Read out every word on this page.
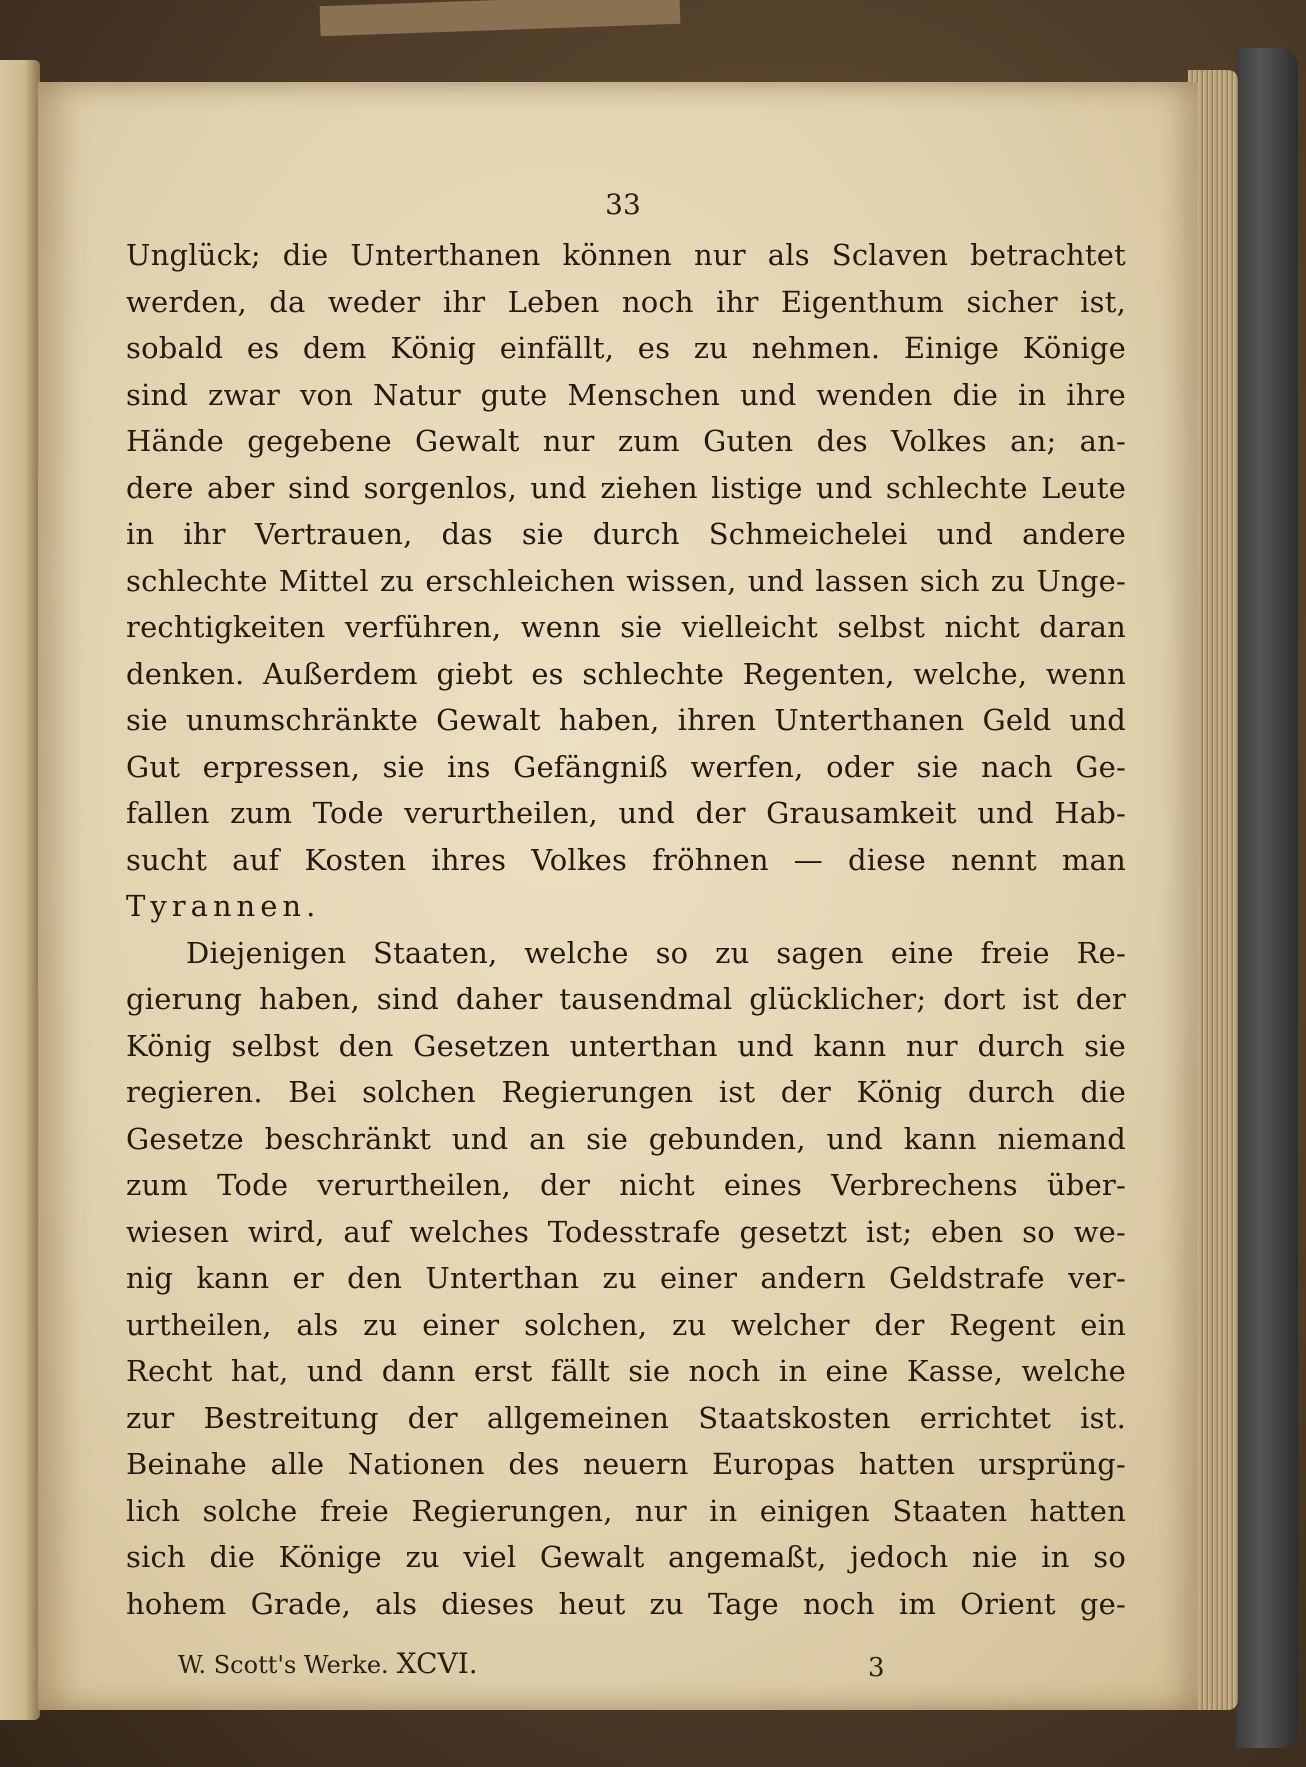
33
Unglück; die Unterthanen können nur als Sclaven betrachtet
werden, da weder ihr Leben noch ihr Eigenthum sicher ist,
sobald es dem König einfällt, es zu nehmen. Einige Könige
sind zwar von Natur gute Menschen und wenden die in ihre
Hände gegebene Gewalt nur zum Guten des Volkes an; an-
dere aber sind sorgenlos, und ziehen listige und schlechte Leute
in ihr Vertrauen, das sie durch Schmeichelei und andere
schlechte Mittel zu erschleichen wissen, und lassen sich zu Unge-
rechtigkeiten verführen, wenn sie vielleicht selbst nicht daran
denken. Außerdem giebt es schlechte Regenten, welche, wenn
sie unumschränkte Gewalt haben, ihren Unterthanen Geld und
Gut erpressen, sie ins Gefängniß werfen, oder sie nach Ge-
fallen zum Tode verurtheilen, und der Grausamkeit und Hab-
sucht auf Kosten ihres Volkes fröhnen — diese nennt man
Tyrannen.
Diejenigen Staaten, welche so zu sagen eine freie Re-
gierung haben, sind daher tausendmal glücklicher; dort ist der
König selbst den Gesetzen unterthan und kann nur durch sie
regieren. Bei solchen Regierungen ist der König durch die
Gesetze beschränkt und an sie gebunden, und kann niemand
zum Tode verurtheilen, der nicht eines Verbrechens über-
wiesen wird, auf welches Todesstrafe gesetzt ist; eben so we-
nig kann er den Unterthan zu einer andern Geldstrafe ver-
urtheilen, als zu einer solchen, zu welcher der Regent ein
Recht hat, und dann erst fällt sie noch in eine Kasse, welche
zur Bestreitung der allgemeinen Staatskosten errichtet ist.
Beinahe alle Nationen des neuern Europas hatten ursprüng-
lich solche freie Regierungen, nur in einigen Staaten hatten
sich die Könige zu viel Gewalt angemaßt, jedoch nie in so
hohem Grade, als dieses heut zu Tage noch im Orient ge-
W. Scott's Werke. XCVI.	3
